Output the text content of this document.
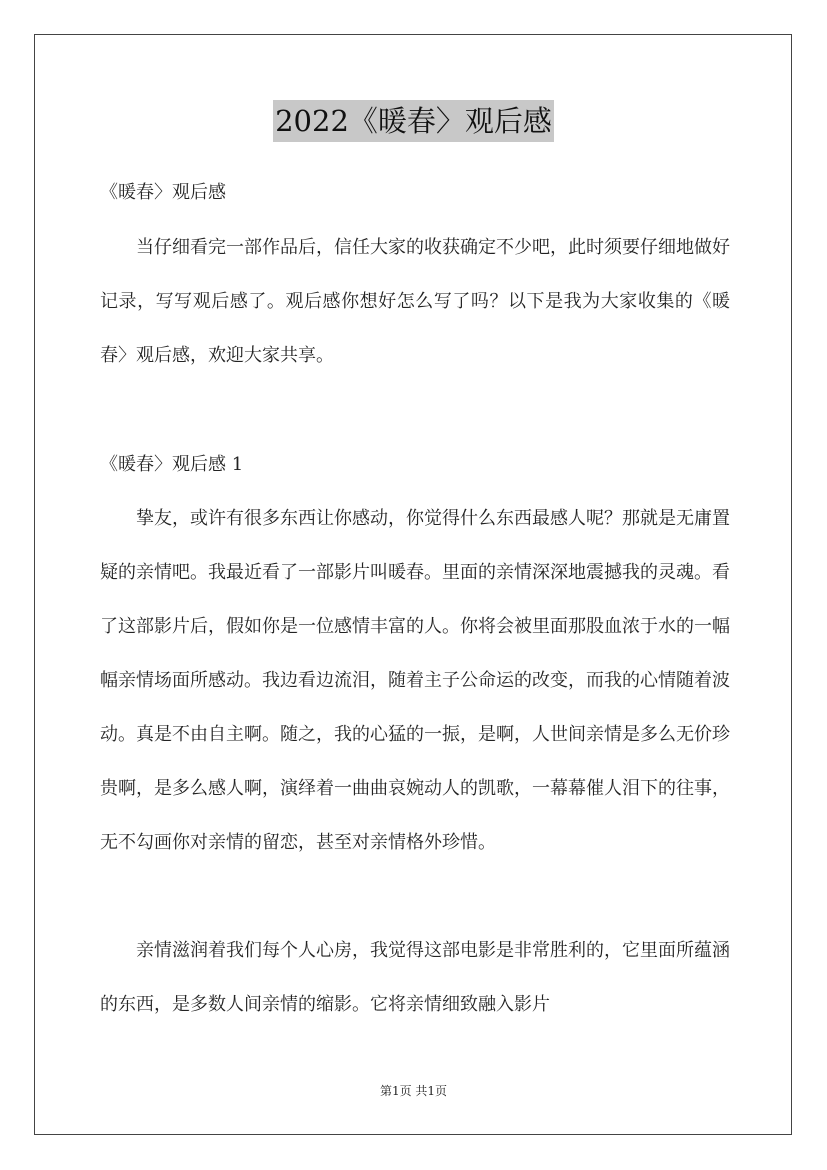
2022《暖春〉观后感
《暖春〉观后感
当仔细看完一部作品后，信任大家的收获确定不少吧，此时须要仔细地做好记录，写写观后感了。观后感你想好怎么写了吗？以下是我为大家收集的《暖春〉观后感，欢迎大家共享。
《暖春〉观后感 1
挚友，或许有很多东西让你感动，你觉得什么东西最感人呢？那就是无庸置疑的亲情吧。我最近看了一部影片叫暖春。里面的亲情深深地震撼我的灵魂。看了这部影片后，假如你是一位感情丰富的人。你将会被里面那股血浓于水的一幅幅亲情场面所感动。我边看边流泪，随着主子公命运的改变，而我的心情随着波动。真是不由自主啊。随之，我的心猛的一振，是啊，人世间亲情是多么无价珍贵啊，是多么感人啊，演绎着一曲曲哀婉动人的凯歌，一幕幕催人泪下的往事，无不勾画你对亲情的留恋，甚至对亲情格外珍惜。
亲情滋润着我们每个人心房，我觉得这部电影是非常胜利的，它里面所蕴涵的东西，是多数人间亲情的缩影。它将亲情细致融入影片
第1页 共1页
